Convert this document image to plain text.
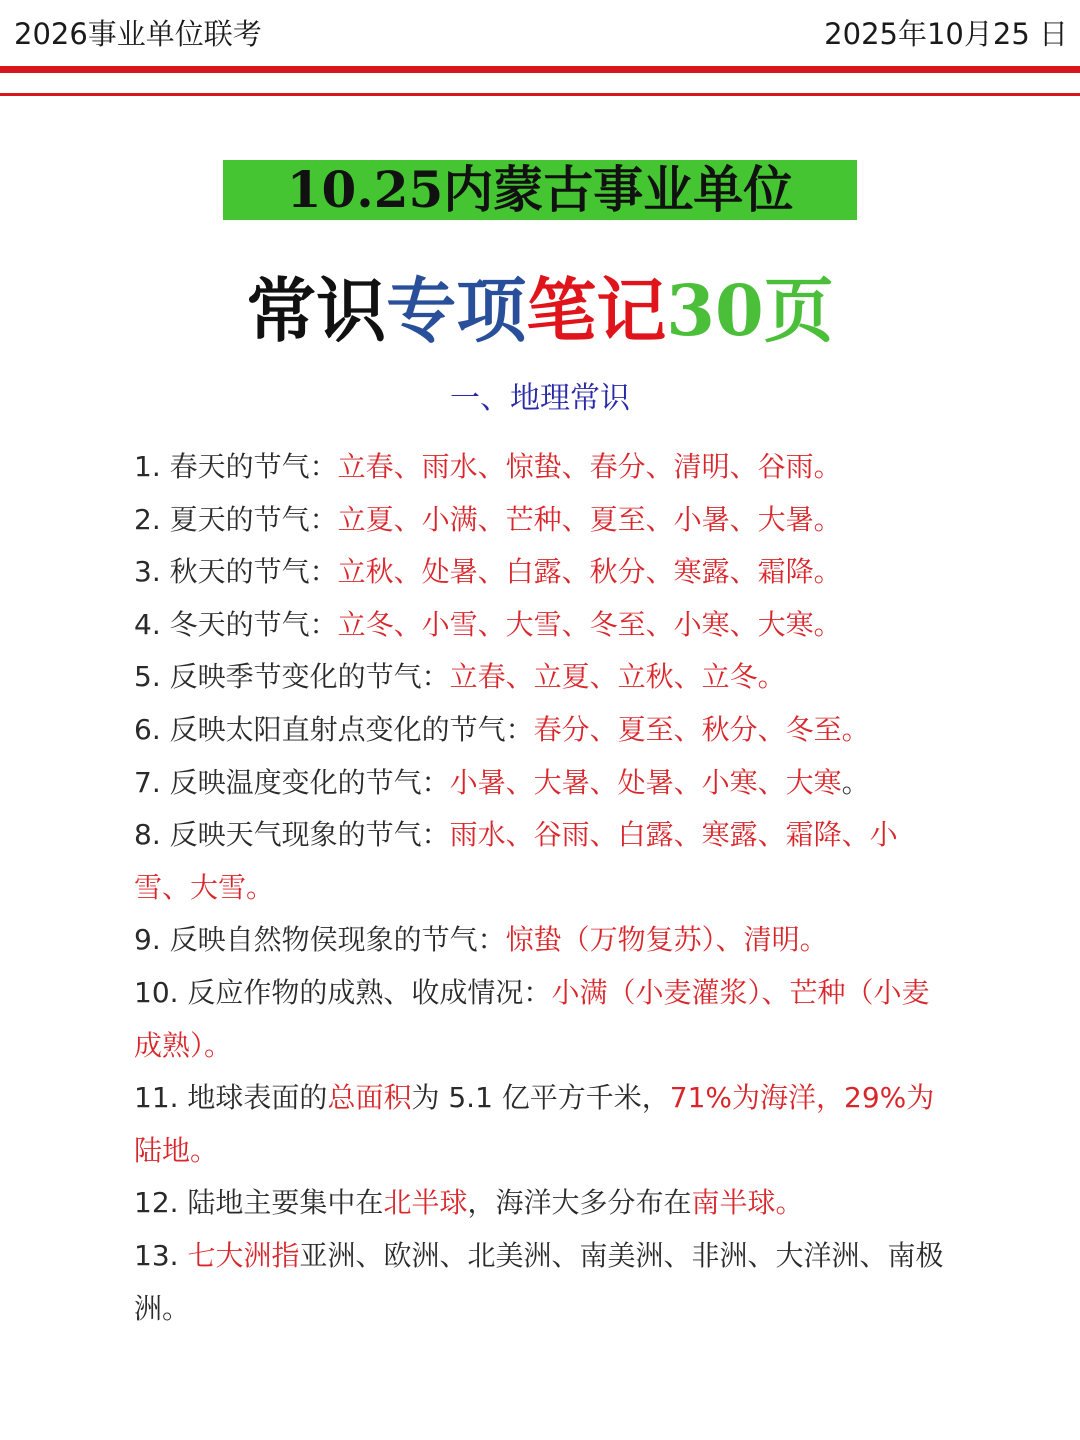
2026事业单位联考	2025年10月25 日
10.25内蒙古事业单位
常识专项笔记30页
一、地理常识

1. 春天的节气：立春、雨水、惊蛰、春分、清明、谷雨。

2. 夏天的节气：立夏、小满、芒种、夏至、小暑、大暑。

3. 秋天的节气：立秋、处暑、白露、秋分、寒露、霜降。

4. 冬天的节气：立冬、小雪、大雪、冬至、小寒、大寒。

5. 反映季节变化的节气：立春、立夏、立秋、立冬。

6. 反映太阳直射点变化的节气：春分、夏至、秋分、冬至。

7. 反映温度变化的节气：小暑、大暑、处暑、小寒、大寒。

8. 反映天气现象的节气：雨水、谷雨、白露、寒露、霜降、小雪、大雪。

9. 反映自然物侯现象的节气：惊蛰（万物复苏）、清明。

10. 反应作物的成熟、收成情况：小满（小麦灌浆）、芒种（小麦成熟）。

11. 地球表面的总面积为 5.1 亿平方千米，71%为海洋，29%为陆地。

12. 陆地主要集中在北半球，海洋大多分布在南半球。

13. 七大洲指亚洲、欧洲、北美洲、南美洲、非洲、大洋洲、南极洲。
